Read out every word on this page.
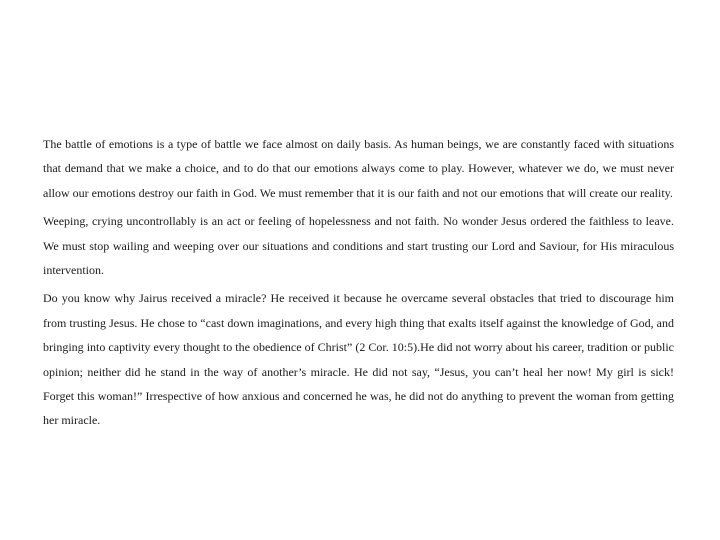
The battle of emotions is a type of battle we face almost on daily basis. As human beings, we are constantly faced with situations that demand that we make a choice, and to do that our emotions always come to play. However, whatever we do, we must never allow our emotions destroy our faith in God. We must remember that it is our faith and not our emotions that will create our reality.

Weeping, crying uncontrollably is an act or feeling of hopelessness and not faith. No wonder Jesus ordered the faithless to leave. We must stop wailing and weeping over our situations and conditions and start trusting our Lord and Saviour, for His miraculous intervention.

Do you know why Jairus received a miracle? He received it because he overcame several obstacles that tried to discourage him from trusting Jesus. He chose to “cast down imaginations, and every high thing that exalts itself against the knowledge of God, and bringing into captivity every thought to the obedience of Christ” (2 Cor. 10:5).He did not worry about his career, tradition or public opinion; neither did he stand in the way of another’s miracle. He did not say, “Jesus, you can’t heal her now! My girl is sick! Forget this woman!” Irrespective of how anxious and concerned he was, he did not do anything to prevent the woman from getting her miracle.
